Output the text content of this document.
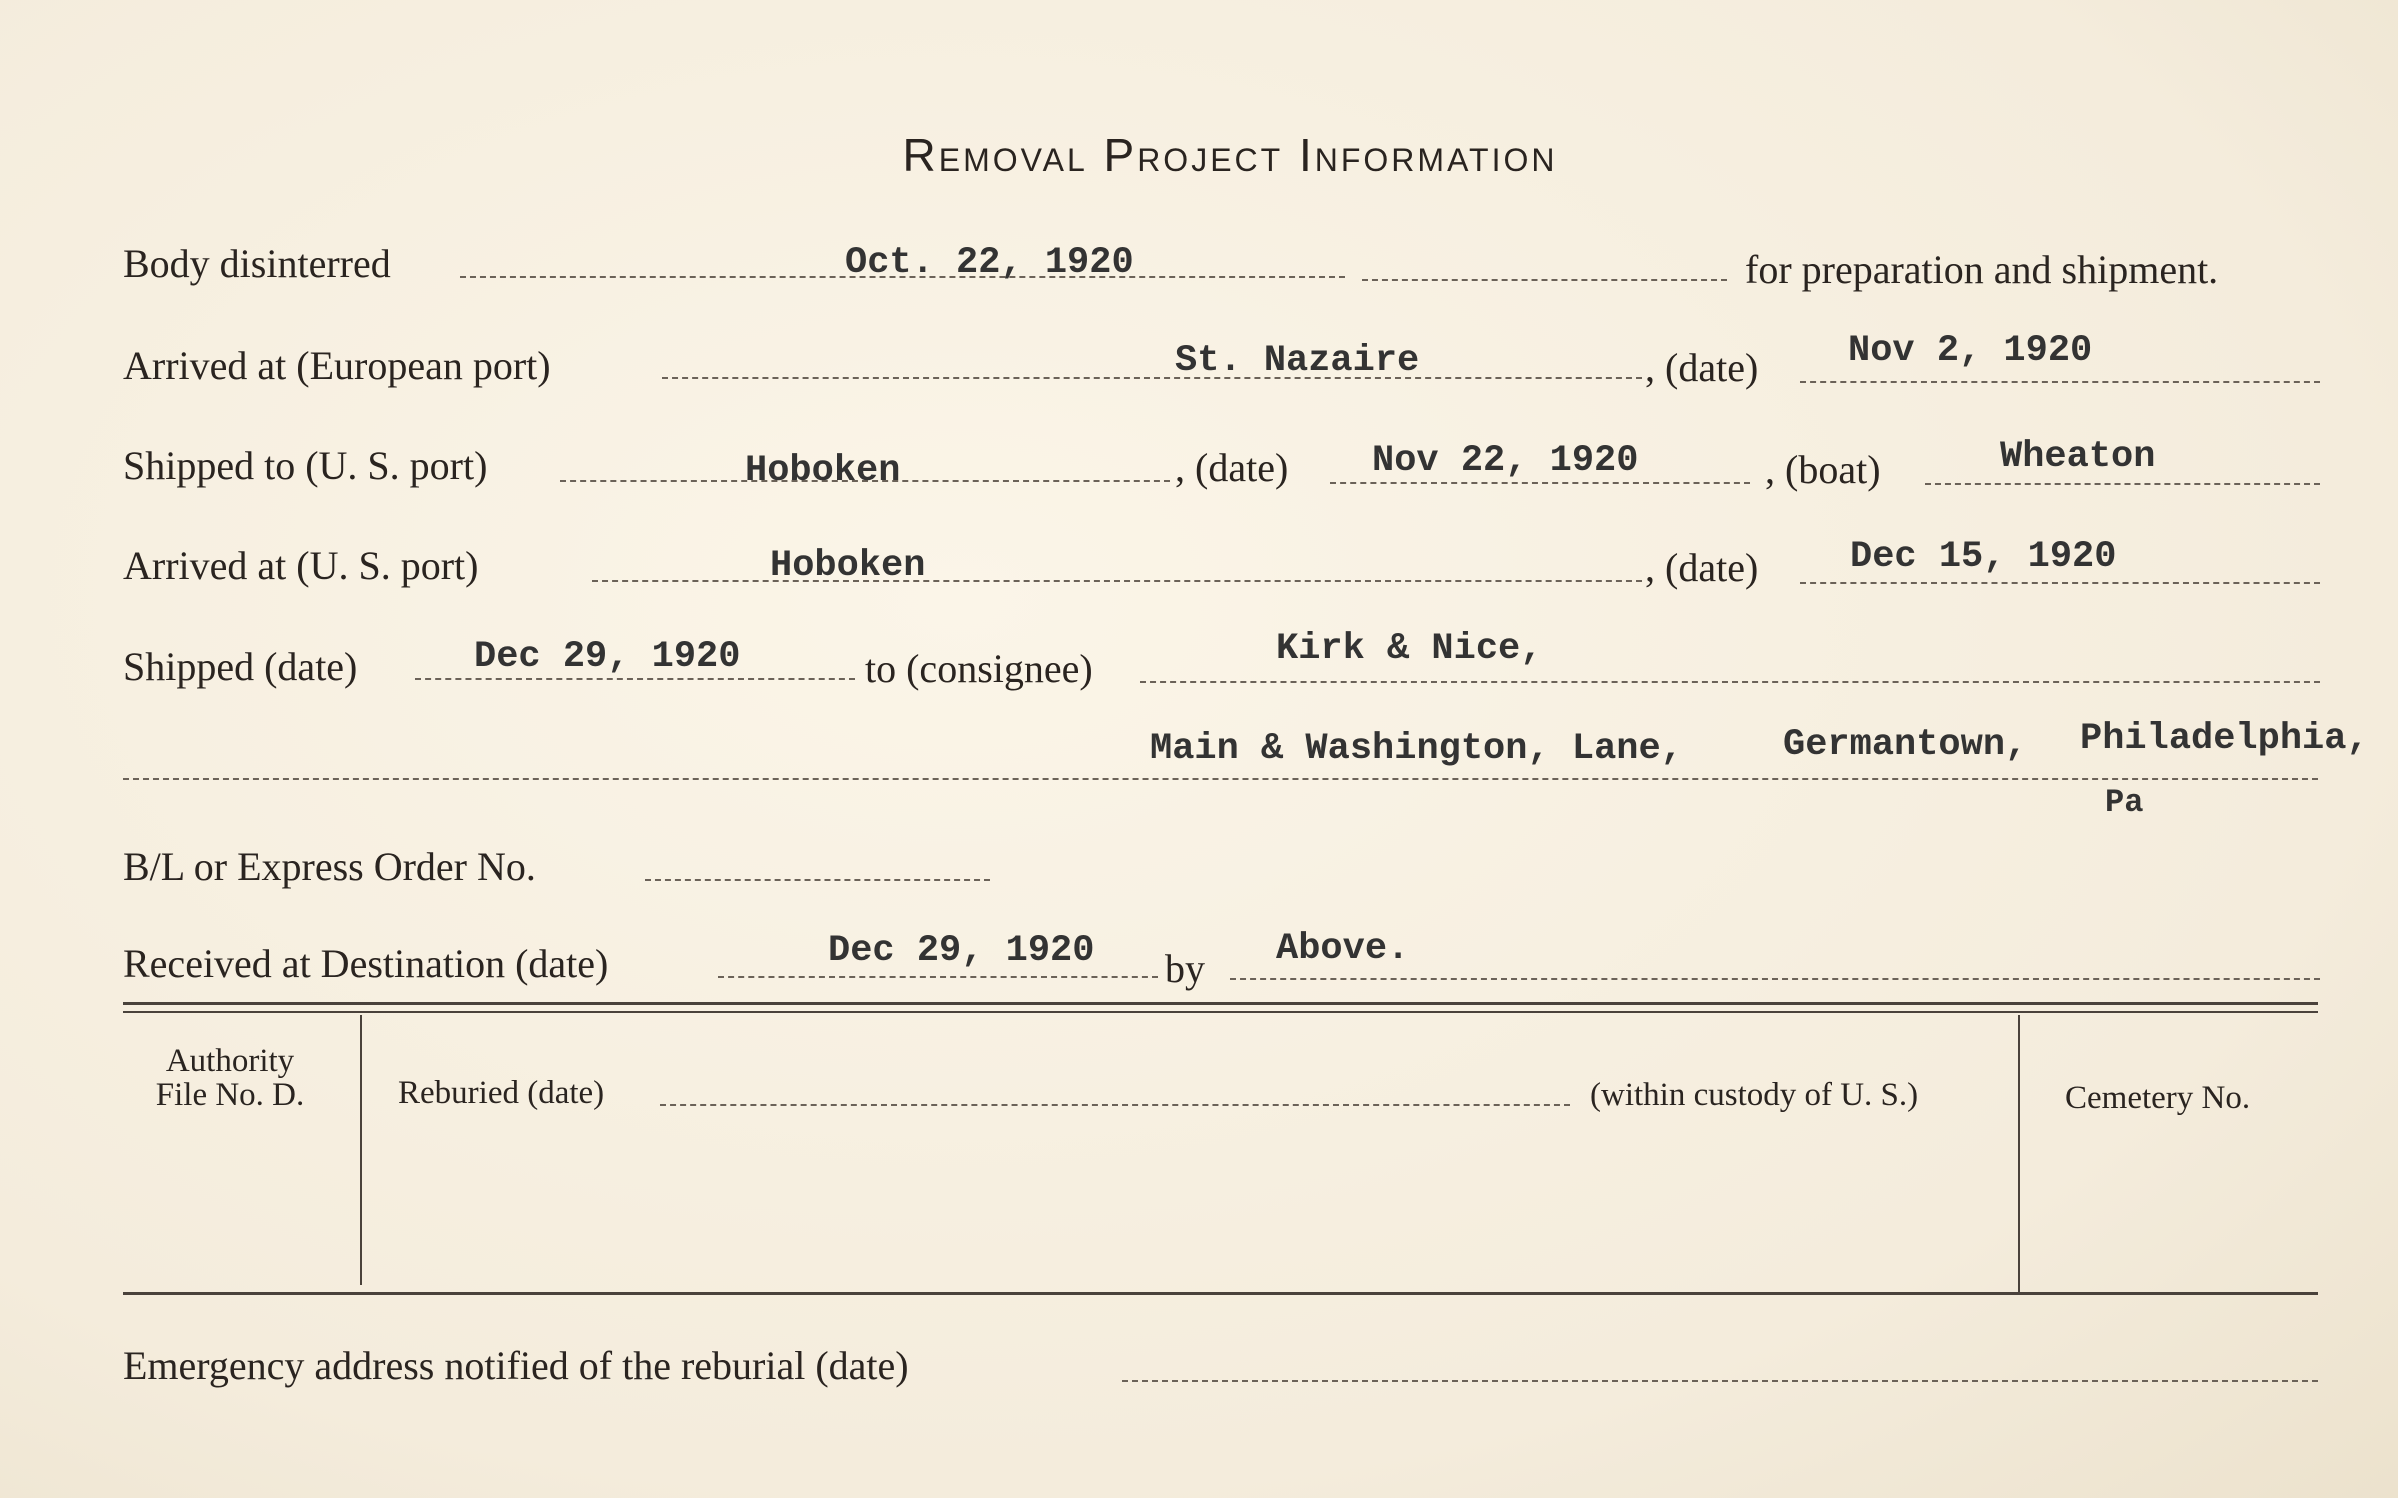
Removal Project Information
Body disinterred	Oct. 22, 1920	for preparation and shipment.
Arrived at (European port)	St. Nazaire	, (date) Nov 2, 1920
Shipped to (U. S. port)	Hoboken	, (date) Nov 22, 1920	, (boat)	Wheaton
Arrived at (U. S. port)	Hoboken	, (date) Dec 15, 1920
Shipped (date)	Dec 29, 1920	to (consignee)	Kirk & Nice,
Main & Washington, Lane,	Germantown, Philadelphia,
Pa
B/L or Express Order No.
Received at Destination (date)	Dec 29, 1920 by Above.
Authority
File No. D.	Reburied (date)	(within custody of U. S.)	Cemetery No.
Emergency address notified of the reburial (date)
